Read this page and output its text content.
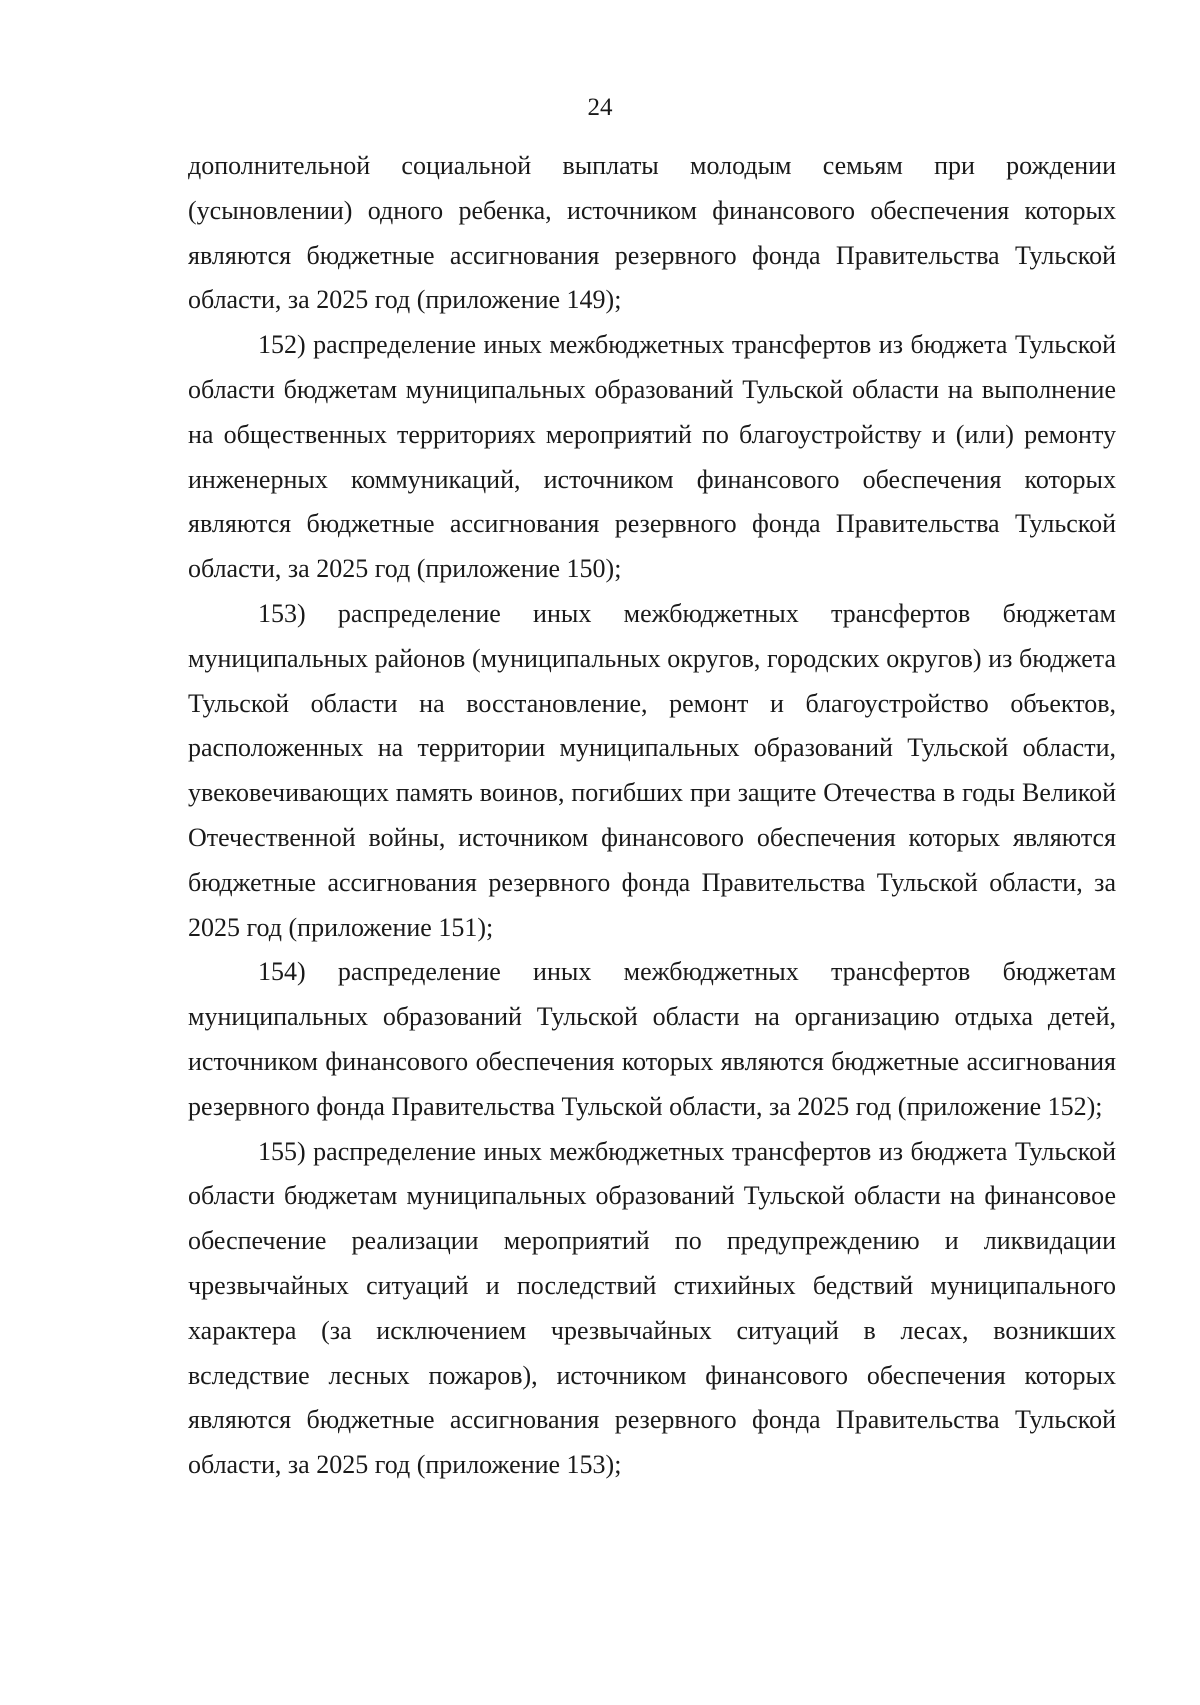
24

дополнительной социальной выплаты молодым семьям при рождении (усыновлении) одного ребенка, источником финансового обеспечения которых являются бюджетные ассигнования резервного фонда Правительства Тульской области, за 2025 год (приложение 149);

152) распределение иных межбюджетных трансфертов из бюджета Тульской области бюджетам муниципальных образований Тульской области на выполнение на общественных территориях мероприятий по благоустройству и (или) ремонту инженерных коммуникаций, источником финансового обеспечения которых являются бюджетные ассигнования резервного фонда Правительства Тульской области, за 2025 год (приложение 150);

153) распределение иных межбюджетных трансфертов бюджетам муниципальных районов (муниципальных округов, городских округов) из бюджета Тульской области на восстановление, ремонт и благоустройство объектов, расположенных на территории муниципальных образований Тульской области, увековечивающих память воинов, погибших при защите Отечества в годы Великой Отечественной войны, источником финансового обеспечения которых являются бюджетные ассигнования резервного фонда Правительства Тульской области, за 2025 год (приложение 151);

154) распределение иных межбюджетных трансфертов бюджетам муниципальных образований Тульской области на организацию отдыха детей, источником финансового обеспечения которых являются бюджетные ассигнования резервного фонда Правительства Тульской области, за 2025 год (приложение 152);

155) распределение иных межбюджетных трансфертов из бюджета Тульской области бюджетам муниципальных образований Тульской области на финансовое обеспечение реализации мероприятий по предупреждению и ликвидации чрезвычайных ситуаций и последствий стихийных бедствий муниципального характера (за исключением чрезвычайных ситуаций в лесах, возникших вследствие лесных пожаров), источником финансового обеспечения которых являются бюджетные ассигнования резервного фонда Правительства Тульской области, за 2025 год (приложение 153);
